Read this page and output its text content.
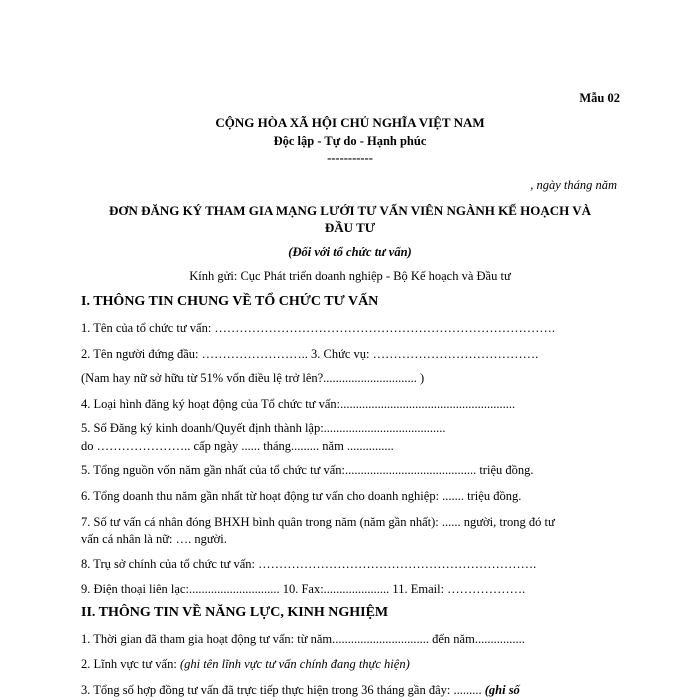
Mẫu 02
CỘNG HÒA XÃ HỘI CHỦ NGHĨA VIỆT NAM
Độc lập - Tự do - Hạnh phúc
-----------
, ngày tháng năm
ĐƠN ĐĂNG KÝ THAM GIA MẠNG LƯỚI TƯ VẤN VIÊN NGÀNH KẾ HOẠCH VÀ
ĐẦU TƯ
(Đối với tổ chức tư vấn)
Kính gửi: Cục Phát triển doanh nghiệp - Bộ Kế hoạch và Đầu tư
I. THÔNG TIN CHUNG VỀ TỔ CHỨC TƯ VẤN
1. Tên của tổ chức tư vấn: ……………………………………………………………………….
2. Tên người đứng đầu: …………………….. 3. Chức vụ: ………………………………….
(Nam hay nữ sở hữu từ 51% vốn điều lệ trở lên?.............................. )
4. Loại hình đăng ký hoạt động của Tổ chức tư vấn:........................................................
5. Số Đăng ký kinh doanh/Quyết định thành lập:.......................................
do ………………….. cấp ngày ...... tháng......... năm ...............
5. Tổng nguồn vốn năm gần nhất của tổ chức tư vấn:.......................................... triệu đồng.
6. Tổng doanh thu năm gần nhất từ hoạt động tư vấn cho doanh nghiệp: ....... triệu đồng.
7. Số tư vấn cá nhân đóng BHXH bình quân trong năm (năm gần nhất): ...... người, trong đó tư
vấn cá nhân là nữ: …. người.
8. Trụ sở chính của tổ chức tư vấn: ………………………………………………………….
9. Điện thoại liên lạc:............................. 10. Fax:..................... 11. Email: ……………….
II. THÔNG TIN VỀ NĂNG LỰC, KINH NGHIỆM
1. Thời gian đã tham gia hoạt động tư vấn: từ năm............................... đến năm................
2. Lĩnh vực tư vấn: (ghi tên lĩnh vực tư vấn chính đang thực hiện)
3. Tổng số hợp đồng tư vấn đã trực tiếp thực hiện trong 36 tháng gần đây: ......... (ghi số
